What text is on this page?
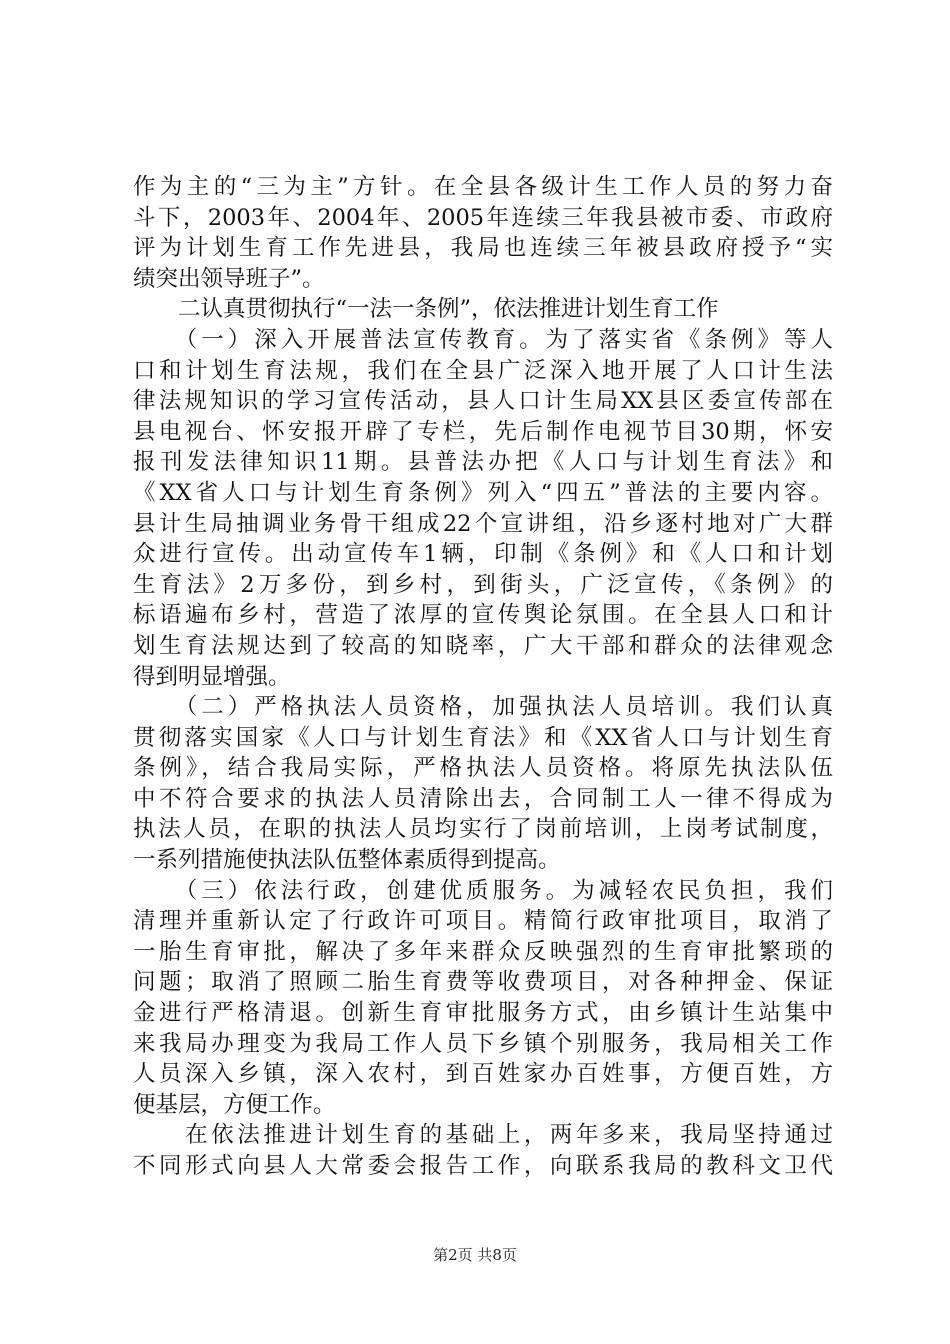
作为主的“三为主”方针。在全县各级计生工作人员的努力奋
斗下，2003年、2004年、2005年连续三年我县被市委、市政府
评为计划生育工作先进县，我局也连续三年被县政府授予“实
绩突出领导班子”。
　　二认真贯彻执行“一法一条例”，依法推进计划生育工作
　　（一）深入开展普法宣传教育。为了落实省《条例》等人
口和计划生育法规，我们在全县广泛深入地开展了人口计生法
律法规知识的学习宣传活动，县人口计生局XX县区委宣传部在
县电视台、怀安报开辟了专栏，先后制作电视节目30期，怀安
报刊发法律知识11期。县普法办把《人口与计划生育法》和
《XX省人口与计划生育条例》列入“四五”普法的主要内容。
县计生局抽调业务骨干组成22个宣讲组，沿乡逐村地对广大群
众进行宣传。出动宣传车1辆，印制《条例》和《人口和计划
生育法》2万多份，到乡村，到街头，广泛宣传，《条例》的
标语遍布乡村，营造了浓厚的宣传舆论氛围。在全县人口和计
划生育法规达到了较高的知晓率，广大干部和群众的法律观念
得到明显增强。
　　（二）严格执法人员资格，加强执法人员培训。我们认真
贯彻落实国家《人口与计划生育法》和《XX省人口与计划生育
条例》，结合我局实际，严格执法人员资格。将原先执法队伍
中不符合要求的执法人员清除出去，合同制工人一律不得成为
执法人员，在职的执法人员均实行了岗前培训，上岗考试制度，
一系列措施使执法队伍整体素质得到提高。
　　（三）依法行政，创建优质服务。为减轻农民负担，我们
清理并重新认定了行政许可项目。精简行政审批项目，取消了
一胎生育审批，解决了多年来群众反映强烈的生育审批繁琐的
问题；取消了照顾二胎生育费等收费项目，对各种押金、保证
金进行严格清退。创新生育审批服务方式，由乡镇计生站集中
来我局办理变为我局工作人员下乡镇个别服务，我局相关工作
人员深入乡镇，深入农村，到百姓家办百姓事，方便百姓，方
便基层，方便工作。
　　在依法推进计划生育的基础上，两年多来，我局坚持通过
不同形式向县人大常委会报告工作，向联系我局的教科文卫代
第2页 共8页
